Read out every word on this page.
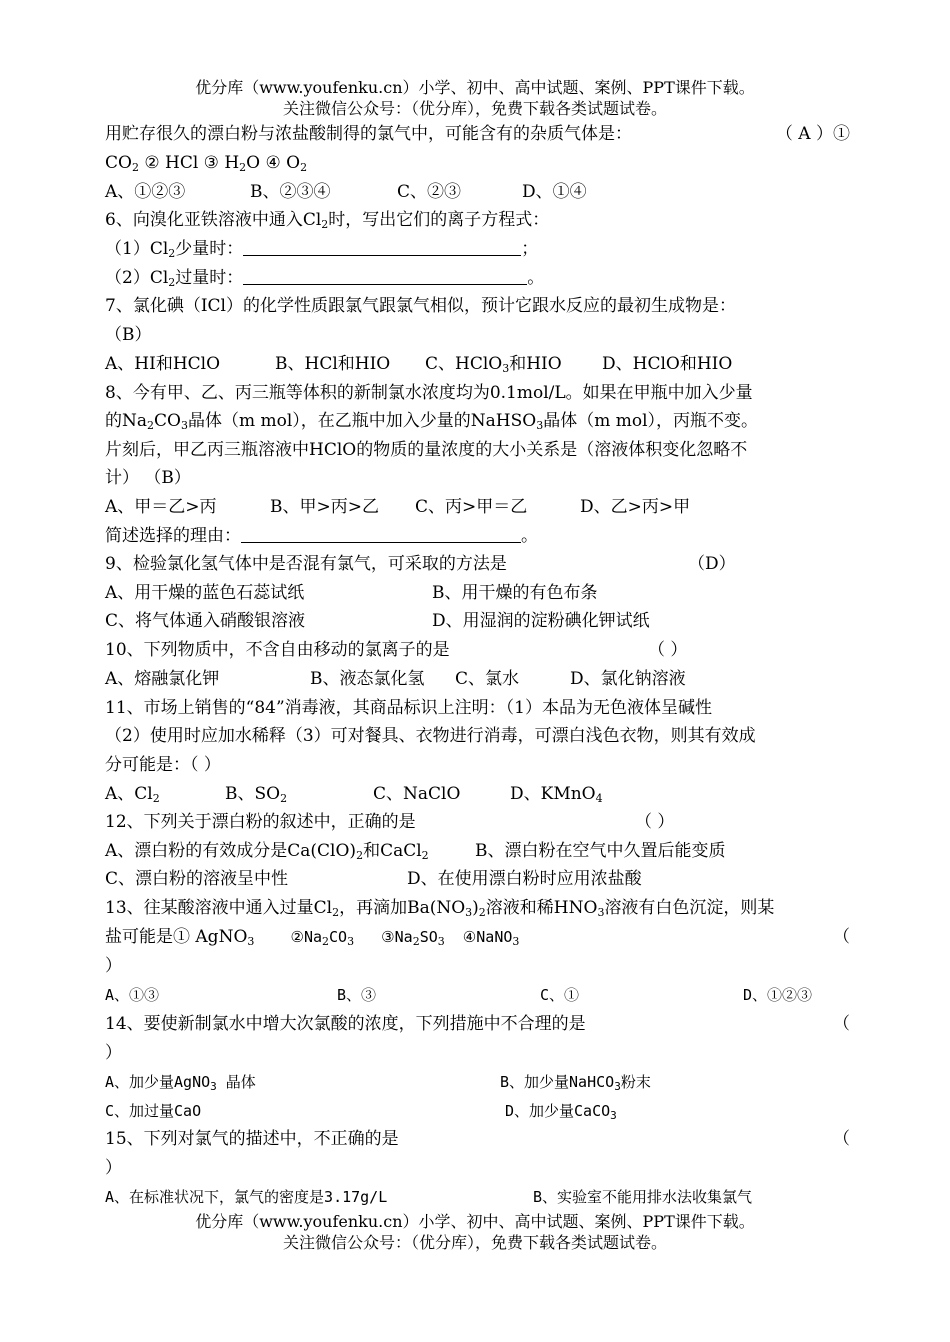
优分库（www.youfenku.cn）小学、初中、高中试题、案例、PPT课件下载。
关注微信公众号：（优分库），免费下载各类试题试卷。
用贮存很久的漂白粉与浓盐酸制得的氯气中，可能含有的杂质气体是：	（ A ）①
$CO_2$ ② HCl ③ $H_2O$ ④ $O_2$
A、①②③	B、②③④	C、②③	D、①④
6、向溴化亚铁溶液中通入$Cl_2$时，写出它们的离子方程式：
$(1)Cl_2$少量时：	；
$(2)Cl_2$过量时：	。
7、氯化碘（ICl）的化学性质跟氯气跟氯气相似，预计它跟水反应的最初生成物是：
（B）
A、HI和HClO	B、HCl和HIO C、HClO$_3$和HIO D、HClO和HIO
8、今有甲、乙、丙三瓶等体积的新制氯水浓度均为0.1mol/L。如果在甲瓶中加入少量
的$Na_2CO_3$晶体（m mol），在乙瓶中加入少量的NaHSO$_3$晶体（m mol），丙瓶不变。
片刻后，甲乙丙三瓶溶液中HClO的物质的量浓度的大小关系是（溶液体积变化忽略不
计） （B）
A、甲＝乙>丙	B、甲>丙>乙 C、丙>甲＝乙	D、乙>丙>甲
简述选择的理由：	。
9、检验氯化氢气体中是否混有氯气，可采取的方法是	（D）
A、用干燥的蓝色石蕊试纸	B、用干燥的有色布条
C、将气体通入硝酸银溶液	D、用湿润的淀粉碘化钾试纸
10、下列物质中，不含自由移动的氯离子的是	（ ）
A、熔融氯化钾	B、液态氯化氢 C、氯水	D、氯化钠溶液
11、市场上销售的“84”消毒液，其商品标识上注明：（1）本品为无色液体呈碱性
（2）使用时应加水稀释（3）可对餐具、衣物进行消毒，可漂白浅色衣物，则其有效成
分可能是：（ ）
A、$Cl_2$	B、$SO_2$	C、NaClO	D、KMnO$_4$
12、下列关于漂白粉的叙述中，正确的是	（ ）
A、漂白粉的有效成分是$Ca(ClO)_2$和CaCl$_2$	B、漂白粉在空气中久置后能变质
C、漂白粉的溶液呈中性	D、在使用漂白粉时应用浓盐酸
13、往某酸溶液中通入过量$Cl_2$，再滴加$Ba(NO_3)_2$溶液和稀$HNO_3$溶液有白色沉淀，则某
盐可能是① AgNO$_3$    $②Na_2CO_3$   $③Na_2SO_3$  ④NaNO$_3$	（
）
A、①③	B、③	C、①	D、①②③
14、要使新制氯水中增大次氯酸的浓度，下列措施中不合理的是	（
）
A、加少量AgNO$_3$ 晶体	B、加少量NaHCO$_3$粉末
C、加过量CaO	D、加少量CaCO$_3$
15、下列对氯气的描述中，不正确的是	（
）
A、在标准状况下，氯气的密度是3.17g/L	B、实验室不能用排水法收集氯气
优分库（www.youfenku.cn）小学、初中、高中试题、案例、PPT课件下载。
关注微信公众号：（优分库），免费下载各类试题试卷。
